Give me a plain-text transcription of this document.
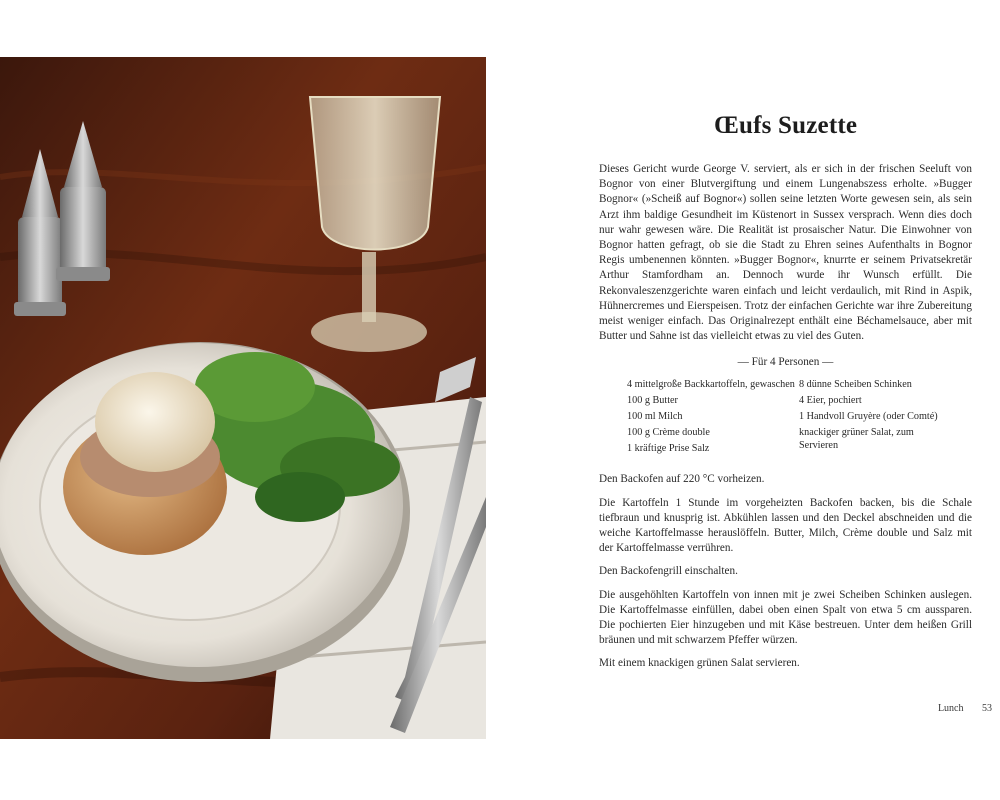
Œufs Suzette

Dieses Gericht wurde George V. serviert, als er sich in der frischen Seeluft von Bognor von einer Blutvergiftung und einem Lungenabszess erholte. »Bugger Bognor« (»Scheiß auf Bognor«) sollen seine letzten Worte gewesen sein, als sein Arzt ihm baldige Gesundheit im Küstenort in Sussex versprach. Wenn dies doch nur wahr gewesen wäre. Die Realität ist prosaischer Natur. Die Einwohner von Bognor hatten gefragt, ob sie die Stadt zu Ehren seines Aufenthalts in Bognor Regis umbenennen könnten. »Bugger Bognor«, knurrte er seinem Privatsekretär Arthur Stamfordham an. Dennoch wurde ihr Wunsch erfüllt. Die Rekonvaleszenzgerichte waren einfach und leicht verdaulich, mit Rind in Aspik, Hühnercremes und Eierspeisen. Trotz der einfachen Gerichte war ihre Zubereitung meist weniger einfach. Das Originalrezept enthält eine Béchamelsauce, aber mit Butter und Sahne ist das vielleicht etwas zu viel des Guten.

— Für 4 Personen —
4 mittelgroße Backkartoffeln, gewaschen
100 g Butter
100 ml Milch
100 g Crème double
1 kräftige Prise Salz
8 dünne Scheiben Schinken
4 Eier, pochiert
1 Handvoll Gruyère (oder Comté)
knackiger grüner Salat, zum Servieren

Den Backofen auf 220 °C vorheizen.

Die Kartoffeln 1 Stunde im vorgeheizten Backofen backen, bis die Schale tiefbraun und knusprig ist. Abkühlen lassen und den Deckel abschneiden und die weiche Kartoffelmasse herauslöffeln. Butter, Milch, Crème double und Salz mit der Kartoffelmasse verrühren.

Den Backofengrill einschalten.

Die ausgehöhlten Kartoffeln von innen mit je zwei Scheiben Schinken auslegen. Die Kartoffelmasse einfüllen, dabei oben einen Spalt von etwa 5 cm aussparen. Die pochierten Eier hinzugeben und mit Käse bestreuen. Unter dem heißen Grill bräunen und mit schwarzem Pfeffer würzen.

Mit einem knackigen grünen Salat servieren.

Lunch 53
